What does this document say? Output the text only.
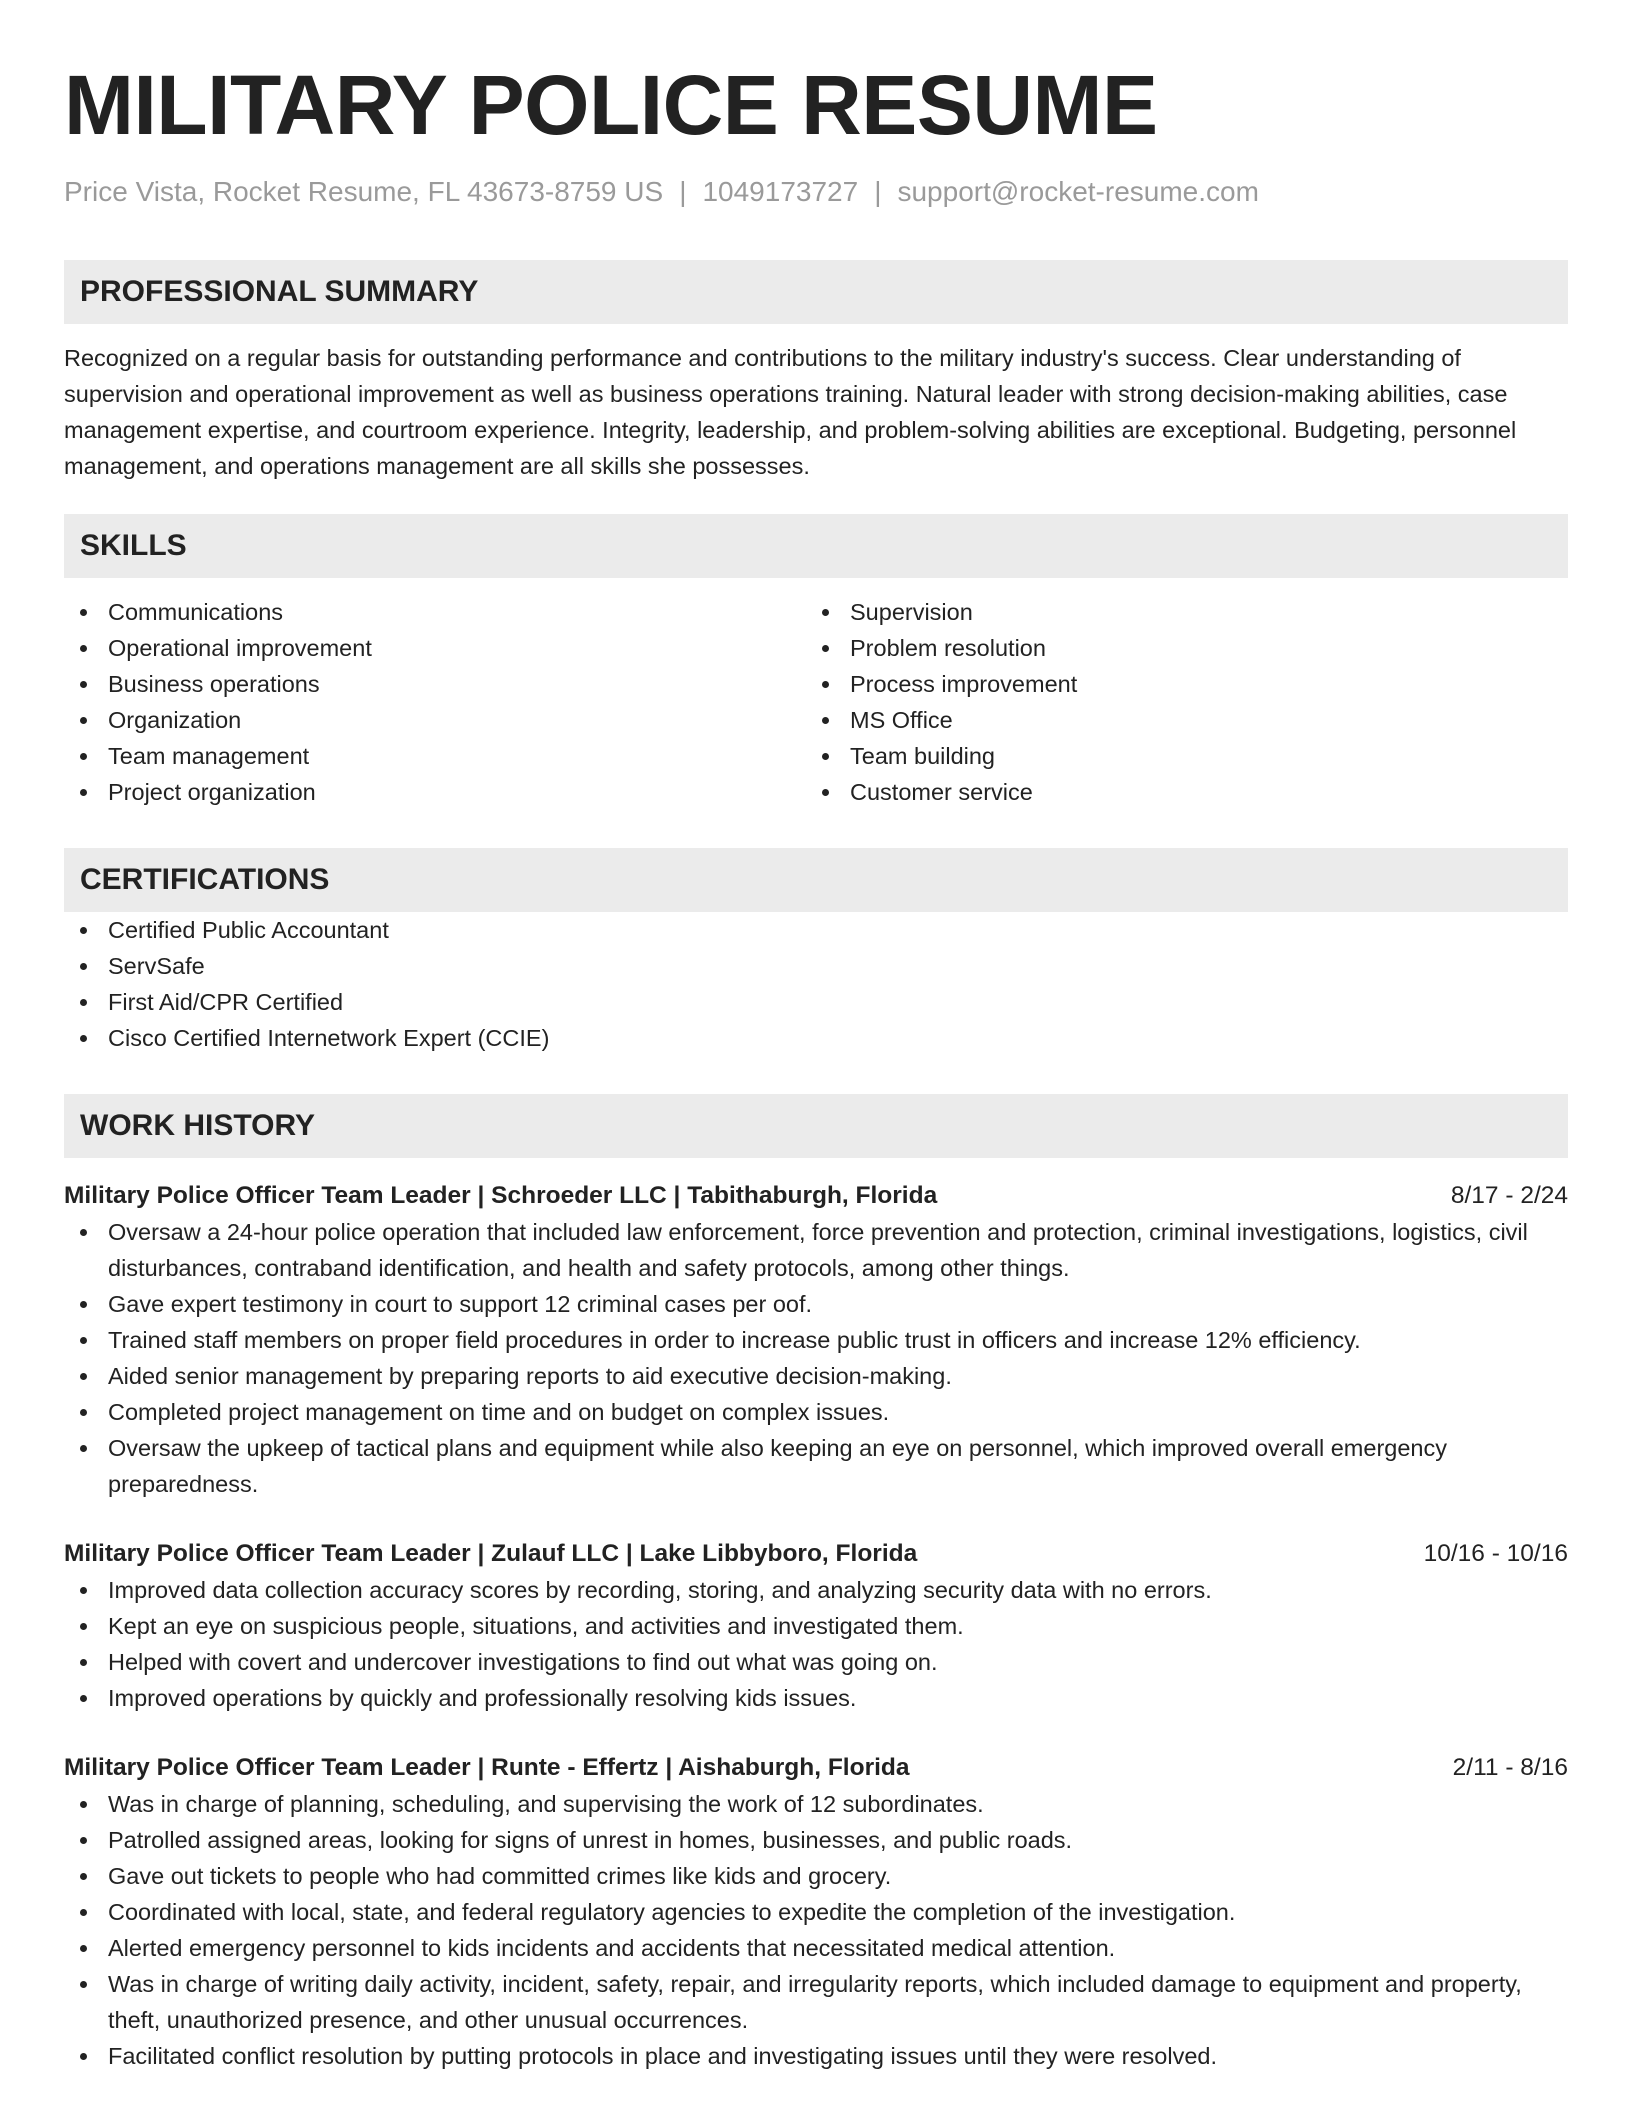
MILITARY POLICE RESUME
Price Vista, Rocket Resume, FL 43673-8759 US | 1049173727 | support@rocket-resume.com
PROFESSIONAL SUMMARY

Recognized on a regular basis for outstanding performance and contributions to the military industry's success. Clear understanding of supervision and operational improvement as well as business operations training. Natural leader with strong decision-making abilities, case management expertise, and courtroom experience. Integrity, leadership, and problem-solving abilities are exceptional. Budgeting, personnel management, and operations management are all skills she possesses.

SKILLS
Communications
Operational improvement
Business operations
Organization
Team management
Project organization
Supervision
Problem resolution
Process improvement
MS Office
Team building
Customer service
CERTIFICATIONS
Certified Public Accountant
ServSafe
First Aid/CPR Certified
Cisco Certified Internetwork Expert (CCIE)
WORK HISTORY
Military Police Officer Team Leader | Schroeder LLC | Tabithaburgh, Florida	8/17 - 2/24
Oversaw a 24-hour police operation that included law enforcement, force prevention and protection, criminal investigations, logistics, civil disturbances, contraband identification, and health and safety protocols, among other things.
Gave expert testimony in court to support 12 criminal cases per oof.
Trained staff members on proper field procedures in order to increase public trust in officers and increase 12% efficiency.
Aided senior management by preparing reports to aid executive decision-making.
Completed project management on time and on budget on complex issues.
Oversaw the upkeep of tactical plans and equipment while also keeping an eye on personnel, which improved overall emergency preparedness.
Military Police Officer Team Leader | Zulauf LLC | Lake Libbyboro, Florida	10/16 - 10/16
Improved data collection accuracy scores by recording, storing, and analyzing security data with no errors.
Kept an eye on suspicious people, situations, and activities and investigated them.
Helped with covert and undercover investigations to find out what was going on.
Improved operations by quickly and professionally resolving kids issues.
Military Police Officer Team Leader | Runte - Effertz | Aishaburgh, Florida	2/11 - 8/16
Was in charge of planning, scheduling, and supervising the work of 12 subordinates.
Patrolled assigned areas, looking for signs of unrest in homes, businesses, and public roads.
Gave out tickets to people who had committed crimes like kids and grocery.
Coordinated with local, state, and federal regulatory agencies to expedite the completion of the investigation.
Alerted emergency personnel to kids incidents and accidents that necessitated medical attention.
Was in charge of writing daily activity, incident, safety, repair, and irregularity reports, which included damage to equipment and property, theft, unauthorized presence, and other unusual occurrences.
Facilitated conflict resolution by putting protocols in place and investigating issues until they were resolved.
